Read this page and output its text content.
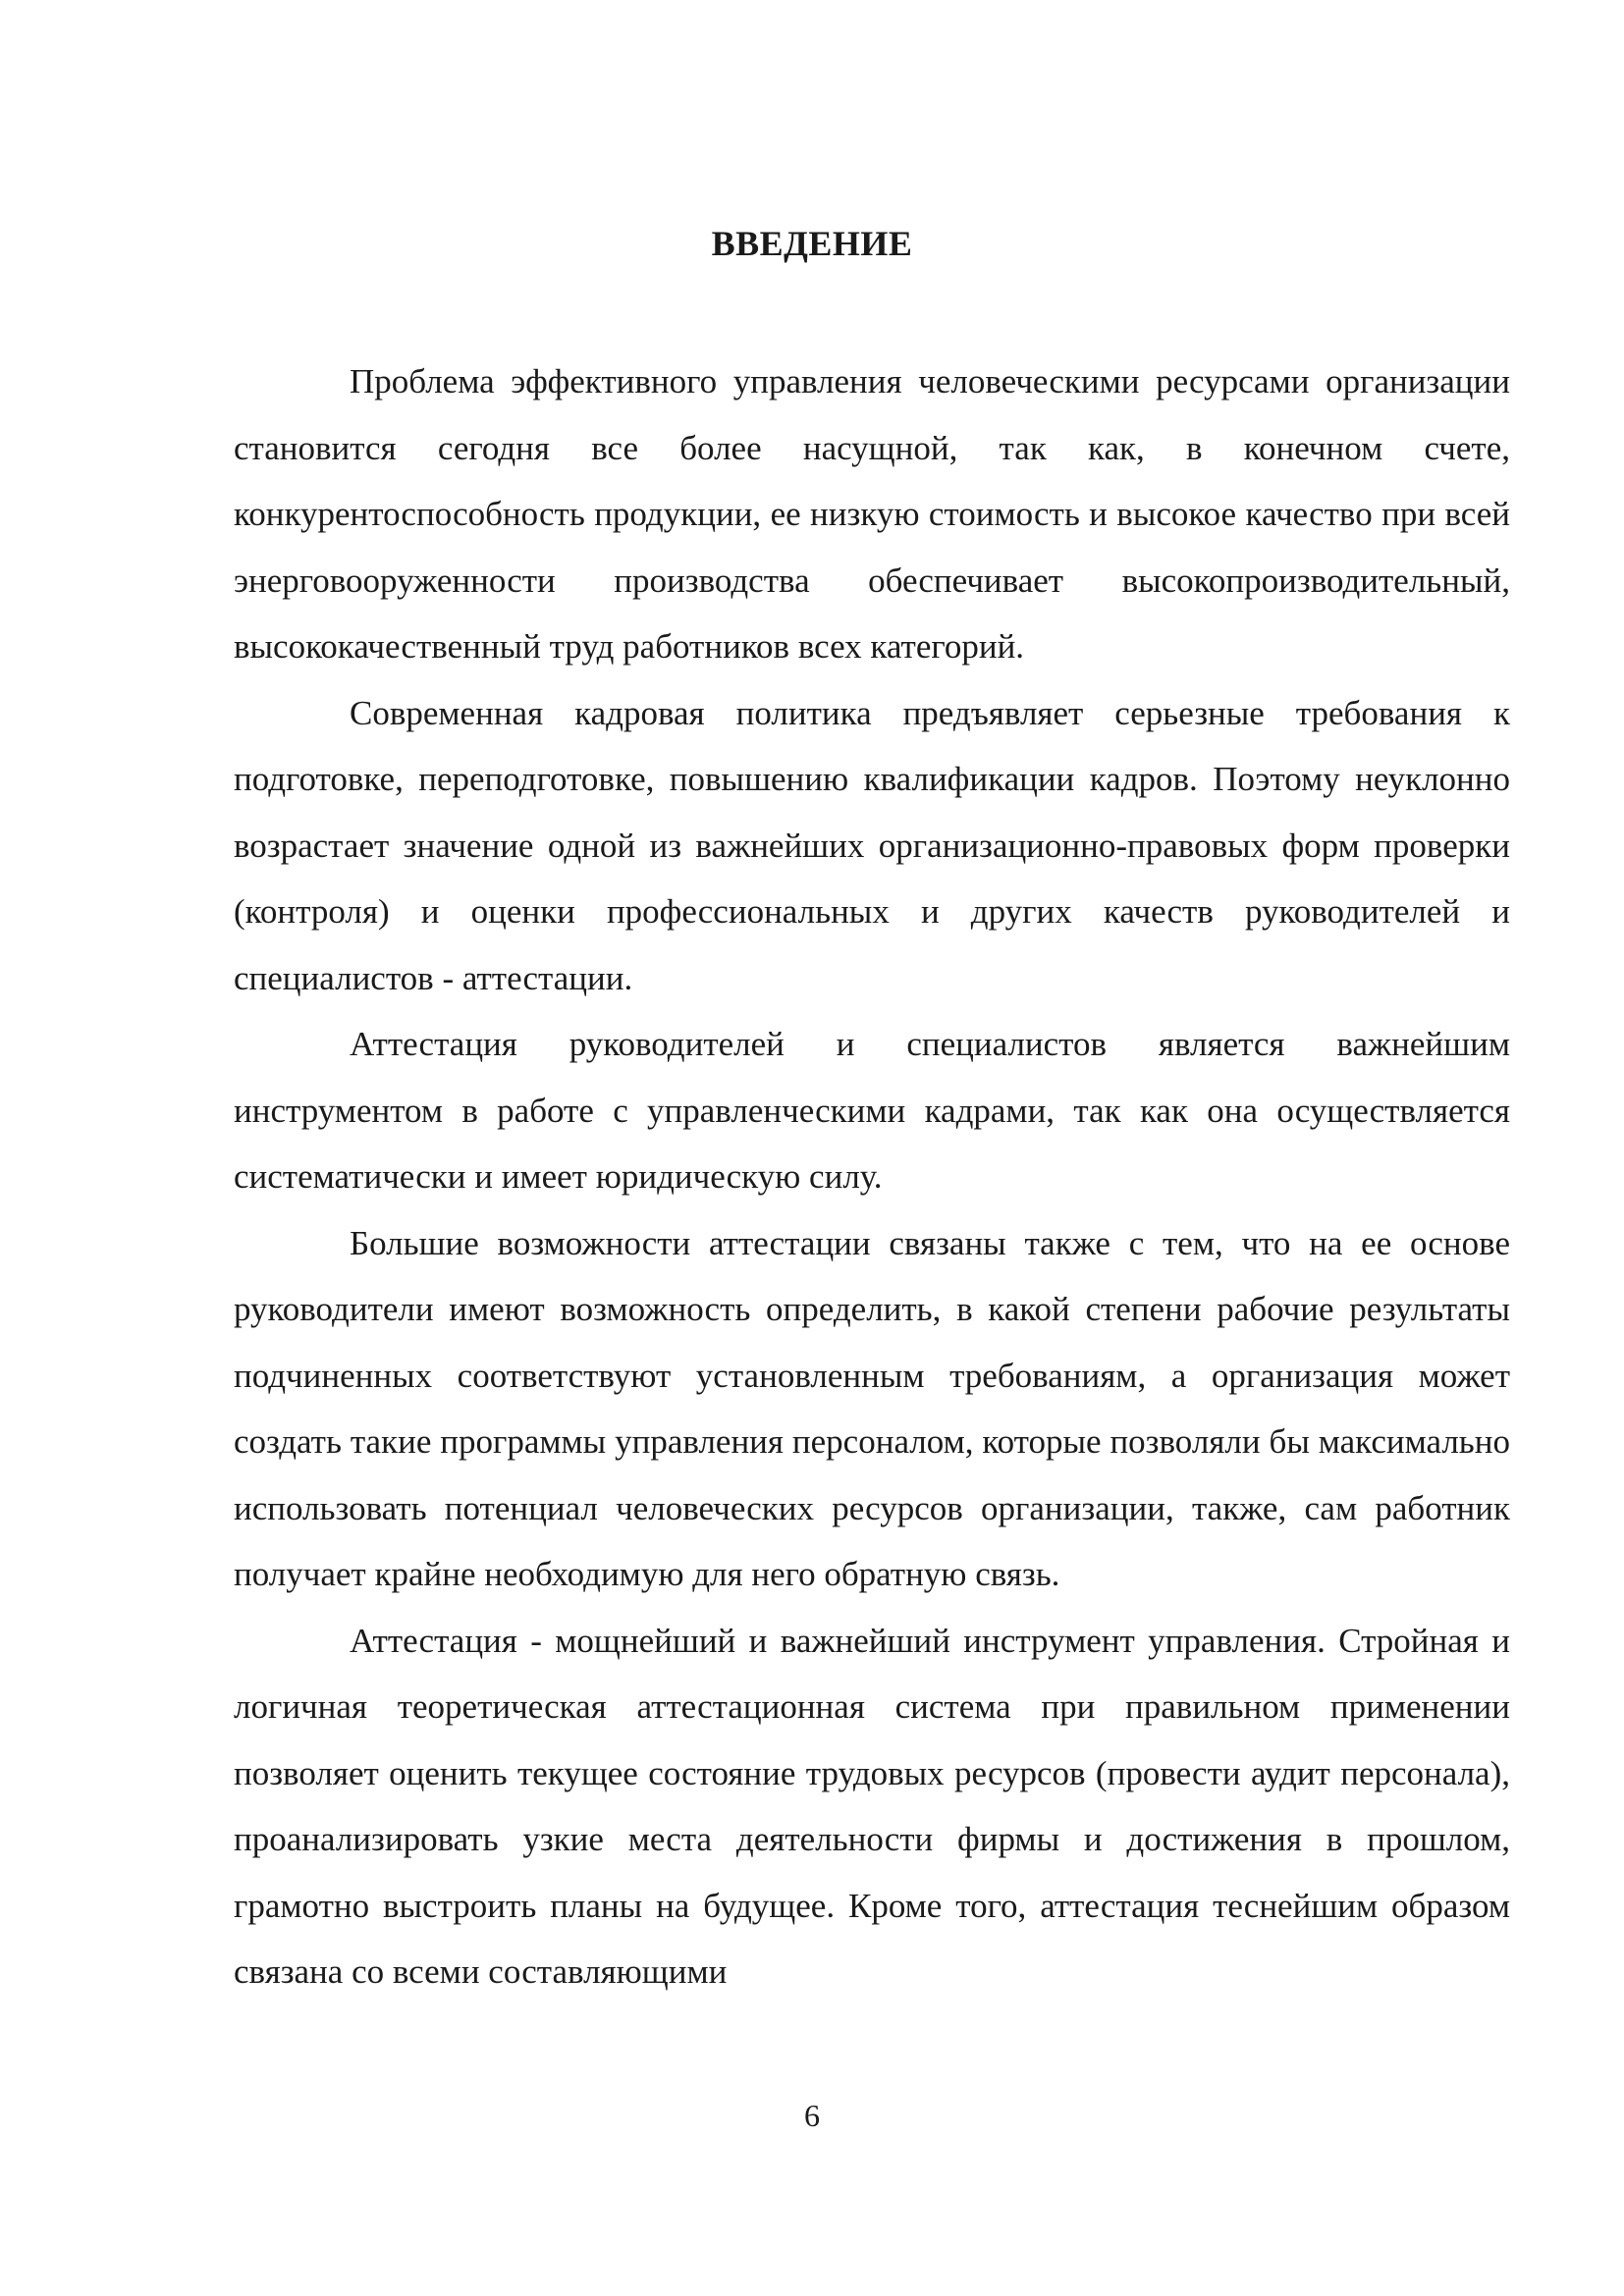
ВВЕДЕНИЕ

Проблема эффективного управления человеческими ресурсами организации становится сегодня все более насущной, так как, в конечном счете, конкурентоспособность продукции, ее низкую стоимость и высокое качество при всей энерговооруженности производства обеспечивает высокопроизводительный, высококачественный труд работников всех категорий.

Современная кадровая политика предъявляет серьезные требования к подготовке, переподготовке, повышению квалификации кадров. Поэтому неуклонно возрастает значение одной из важнейших организационно-правовых форм проверки (контроля) и оценки профессиональных и других качеств руководителей и специалистов - аттестации.

Аттестация руководителей и специалистов является важнейшим инструментом в работе с управленческими кадрами, так как она осуществляется систематически и имеет юридическую силу.

Большие возможности аттестации связаны также с тем, что на ее основе руководители имеют возможность определить, в какой степени рабочие результаты подчиненных соответствуют установленным требованиям, а организация может создать такие программы управления персоналом, которые позволяли бы максимально использовать потенциал человеческих ресурсов организации, также, сам работник получает крайне необходимую для него обратную связь.

Аттестация - мощнейший и важнейший инструмент управления. Стройная и логичная теоретическая аттестационная система при правильном применении позволяет оценить текущее состояние трудовых ресурсов (провести аудит персонала), проанализировать узкие места деятельности фирмы и достижения в прошлом, грамотно выстроить планы на будущее. Кроме того, аттестация теснейшим образом связана со всеми составляющими

6
